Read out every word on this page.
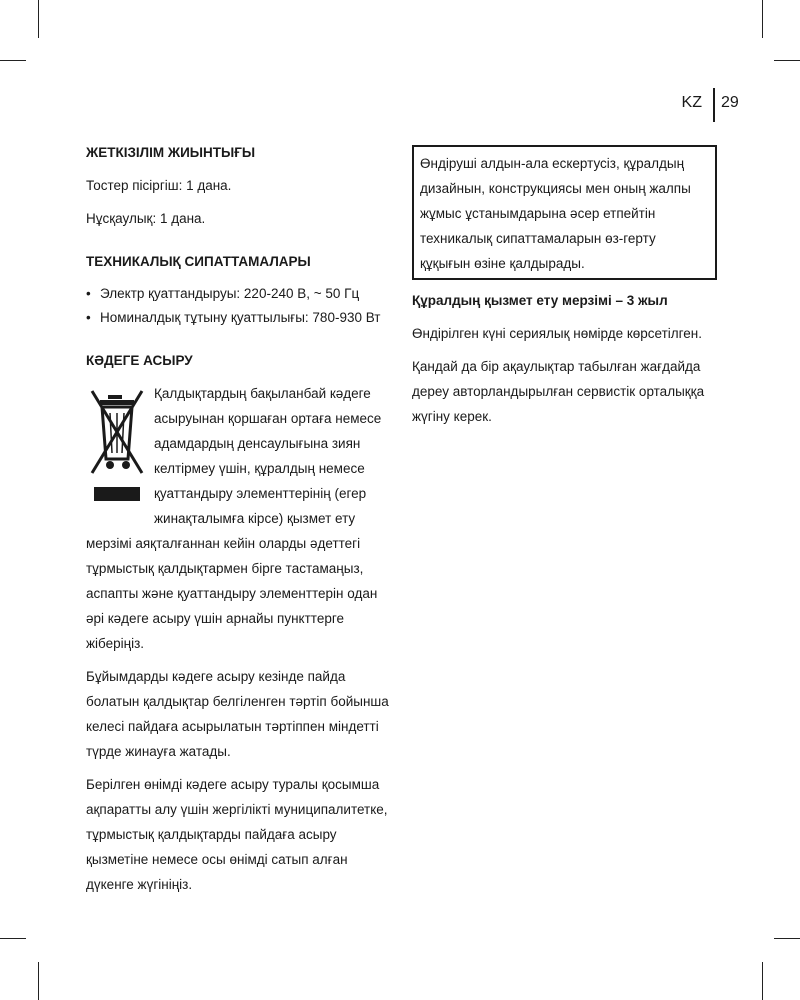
KZ 29

ЖЕТКІЗІЛІМ ЖИЫНТЫҒЫ

Тостер пісіргіш: 1 дана.

Нұсқаулық: 1 дана.

ТЕХНИКАЛЫҚ СИПАТТАМАЛАРЫ

• Электр қуаттандыруы: 220-240 В, ~ 50 Гц
• Номиналдық тұтыну қуаттылығы: 780-930 Вт

КӘДЕГЕ АСЫРУ

Қалдықтардың бақыланбай кәдеге асыруынан қоршаған ортаға немесе адамдардың денсаулығына зиян келтірмеу үшін, құралдың немесе қуаттандыру элементтерінің (егер жинақталымға кірсе) қызмет ету мерзімі аяқталғаннан кейін оларды әдеттегі тұрмыстық қалдықтармен бірге тастамаңыз, аспапты және қуаттандыру элементтерін одан әрі кәдеге асыру үшін арнайы пункттерге жіберіңіз.

Бұйымдарды кәдеге асыру кезінде пайда болатын қалдықтар белгіленген тәртіп бойынша келесі пайдаға асырылатын тәртіппен міндетті түрде жинауға жатады.

Берілген өнімді кәдеге асыру туралы қосымша ақпаратты алу үшін жергілікті муниципалитетке, тұрмыстық қалдықтарды пайдаға асыру қызметіне немесе осы өнімді сатып алған дүкенге жүгініңіз.

Өндіруші алдын-ала ескертусіз, құралдың дизайнын, конструкциясы мен оның жалпы жұмыс ұстанымдарына әсер етпейтін техникалық сипаттамаларын өз-герту құқығын өзіне қалдырады.

Құралдың қызмет ету мерзімі – 3 жыл

Өндірілген күні сериялық нөмірде көрсетілген.

Қандай да бір ақаулықтар табылған жағдайда дереу авторландырылған сервистік орталыққа жүгіну керек.
